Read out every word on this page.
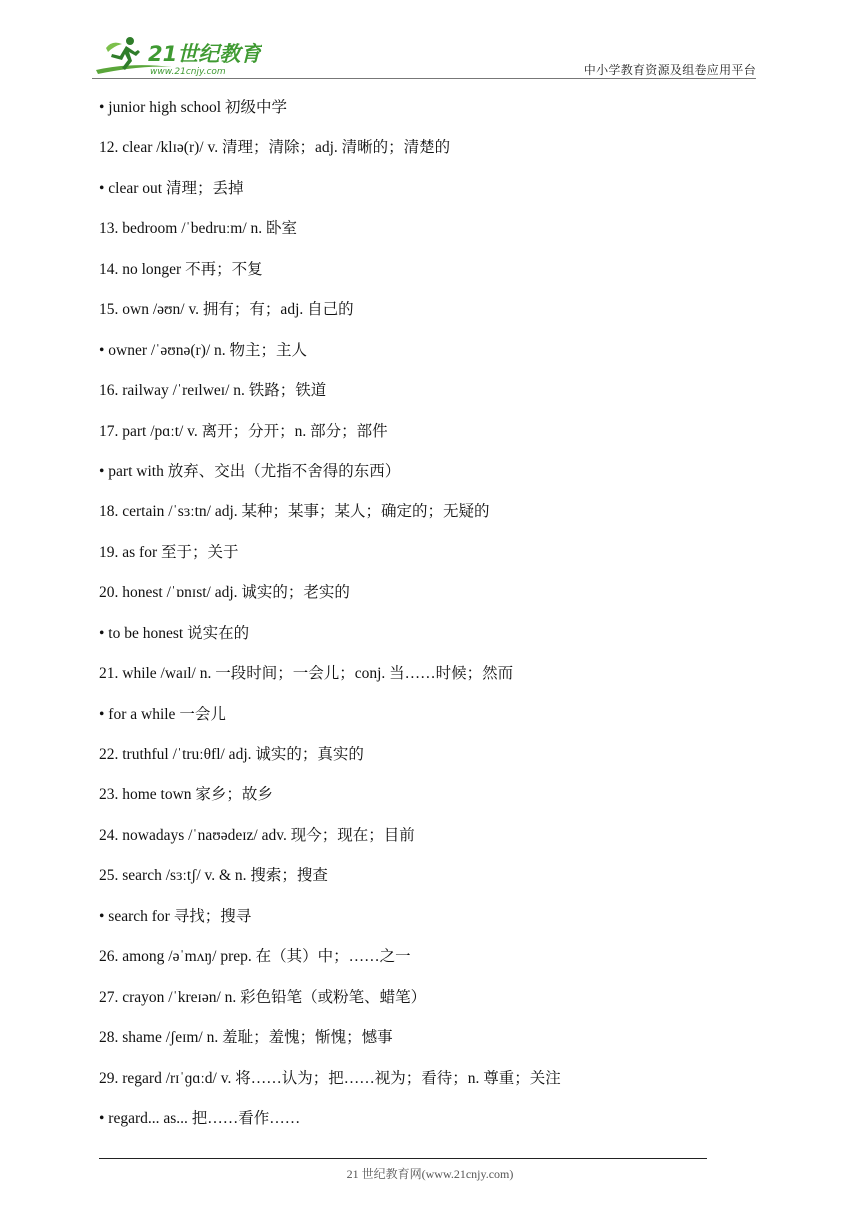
21世纪教育
www.21cnjy.com	中小学教育资源及组卷应用平台
• junior high school 初级中学
12. clear /klɪə(r)/ v. 清理；清除；adj. 清晰的；清楚的
• clear out 清理；丢掉
13. bedroom /ˈbedruːm/ n. 卧室
14. no longer 不再；不复
15. own /əʊn/ v. 拥有；有；adj. 自己的
• owner /ˈəʊnə(r)/ n. 物主；主人
16. railway /ˈreɪlweɪ/ n. 铁路；铁道
17. part /pɑːt/ v. 离开；分开；n. 部分；部件
• part with 放弃、交出（尤指不舍得的东西）
18. certain /ˈsɜːtn/ adj. 某种；某事；某人；确定的；无疑的
19. as for 至于；关于
20. honest /ˈɒnɪst/ adj. 诚实的；老实的
• to be honest 说实在的
21. while /waɪl/ n. 一段时间；一会儿；conj. 当……时候；然而
• for a while 一会儿
22. truthful /ˈtruːθfl/ adj. 诚实的；真实的
23. home town 家乡；故乡
24. nowadays /ˈnaʊədeɪz/ adv. 现今；现在；目前
25. search /sɜːtʃ/ v. & n. 搜索；搜查
• search for 寻找；搜寻
26. among /əˈmʌŋ/ prep. 在（其）中；……之一
27. crayon /ˈkreɪən/ n. 彩色铅笔（或粉笔、蜡笔）
28. shame /ʃeɪm/ n. 羞耻；羞愧；惭愧；憾事
29. regard /rɪˈɡɑːd/ v. 将……认为；把……视为；看待；n. 尊重；关注
• regard... as... 把……看作……
21 世纪教育网(www.21cnjy.com)
